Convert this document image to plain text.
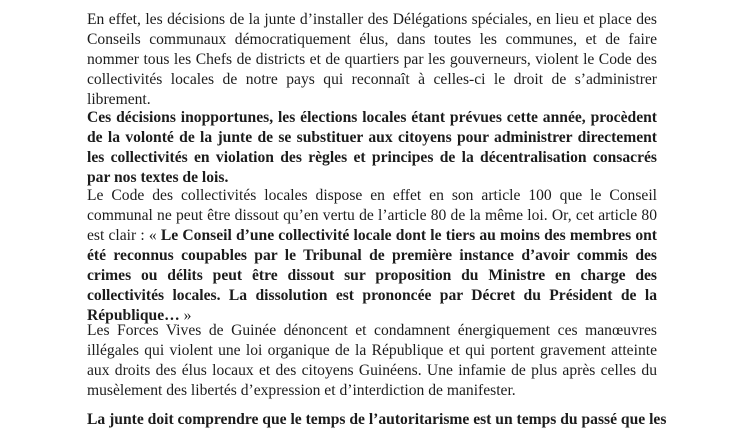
En effet, les décisions de la junte d’installer des Délégations spéciales, en lieu et place des Conseils communaux démocratiquement élus, dans toutes les communes, et de faire nommer tous les Chefs de districts et de quartiers par les gouverneurs, violent le Code des collectivités locales de notre pays qui reconnaît à celles-ci le droit de s’administrer librement.

Ces décisions inopportunes, les élections locales étant prévues cette année, procèdent de la volonté de la junte de se substituer aux citoyens pour administrer directement les collectivités en violation des règles et principes de la décentralisation consacrés par nos textes de lois.

Le Code des collectivités locales dispose en effet en son article 100 que le Conseil communal ne peut être dissout qu’en vertu de l’article 80 de la même loi. Or, cet article 80 est clair : « Le Conseil d’une collectivité locale dont le tiers au moins des membres ont été reconnus coupables par le Tribunal de première instance d’avoir commis des crimes ou délits peut être dissout sur proposition du Ministre en charge des collectivités locales. La dissolution est prononcée par Décret du Président de la République… »

Les Forces Vives de Guinée dénoncent et condamnent énergiquement ces manœuvres illégales qui violent une loi organique de la République et qui portent gravement atteinte aux droits des élus locaux et des citoyens Guinéens. Une infamie de plus après celles du musèlement des libertés d’expression et d’interdiction de manifester.

La junte doit comprendre que le temps de l’autoritarisme est un temps du passé que les
